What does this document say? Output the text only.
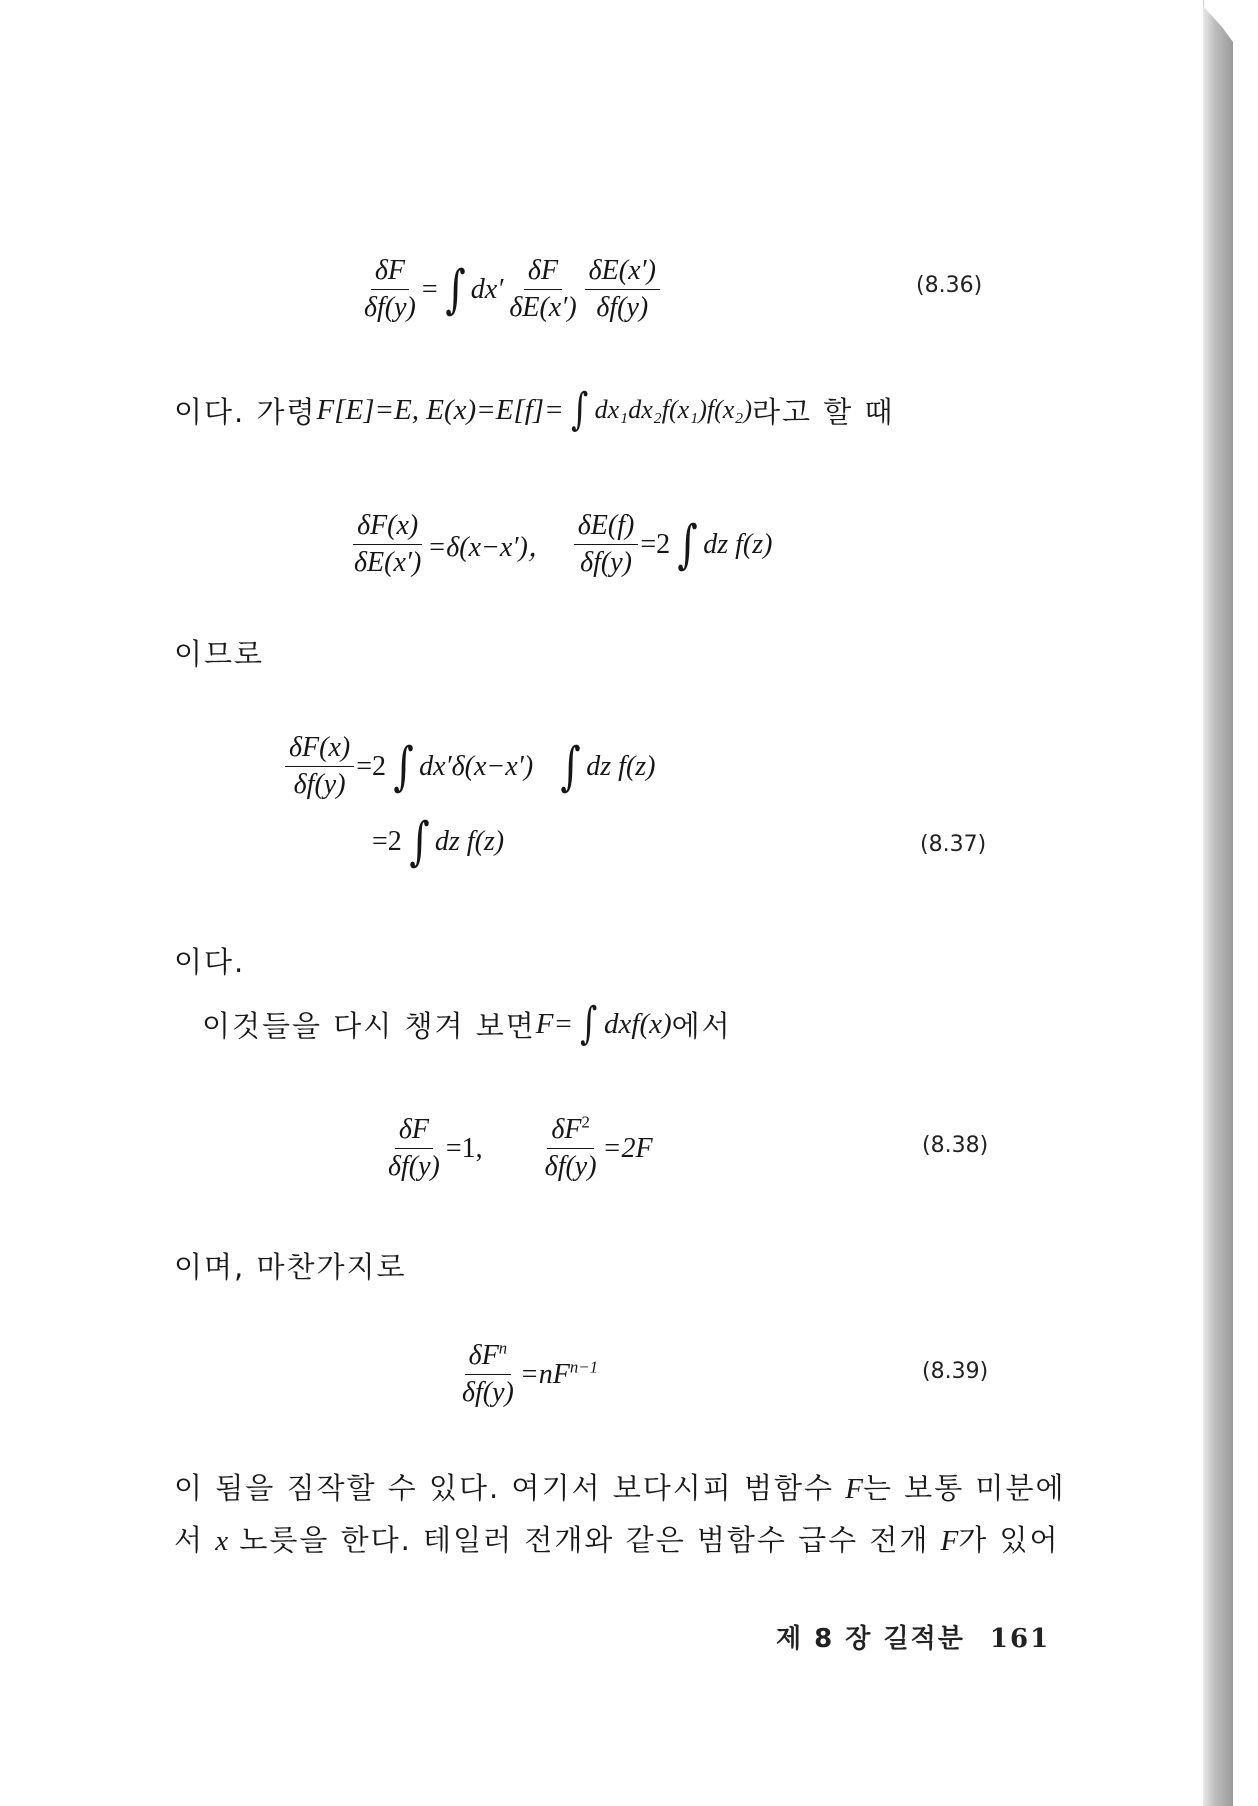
$\frac{\delta F}{\delta f(y)}$ = ∫ $dx' \frac{\delta F}{\delta E(x')} \frac{\delta E(x')}{\delta f(y)}$	(8.36)
이다. 가령 F[E]=E, E(x)=E[f]= ∫ dx₁dx₂f(x₁)f(x₂) 라고 할 때
$\frac{\delta F(x)}{\delta E(x')} =\delta(x-x')$， $\frac{\delta E(f)}{\delta f(y)} =2$ ∫ dz f(z)
이므로
$\frac{\delta F(x)}{\delta f(y)} =2$ ∫ dx′δ(x−x′) ∫ dz f(z)
=2 ∫ dz f(z)	(8.37)
이다.
이것들을 다시 챙겨 보면 F= ∫ dxf(x) 에서
$\frac{\delta F}{\delta f(y)} =1$, $\frac{\delta F^2}{\delta f(y)} =2F$	(8.38)
이며, 마찬가지로
$\frac{\delta F^n}{\delta f(y)} =nF^{n-1}$	(8.39)
이 됨을 짐작할 수 있다. 여기서 보다시피 범함수 F는 보통 미분에
서 x 노릇을 한다. 테일러 전개와 같은 범함수 급수 전개 F가 있어
제 8 장 길적분 161
